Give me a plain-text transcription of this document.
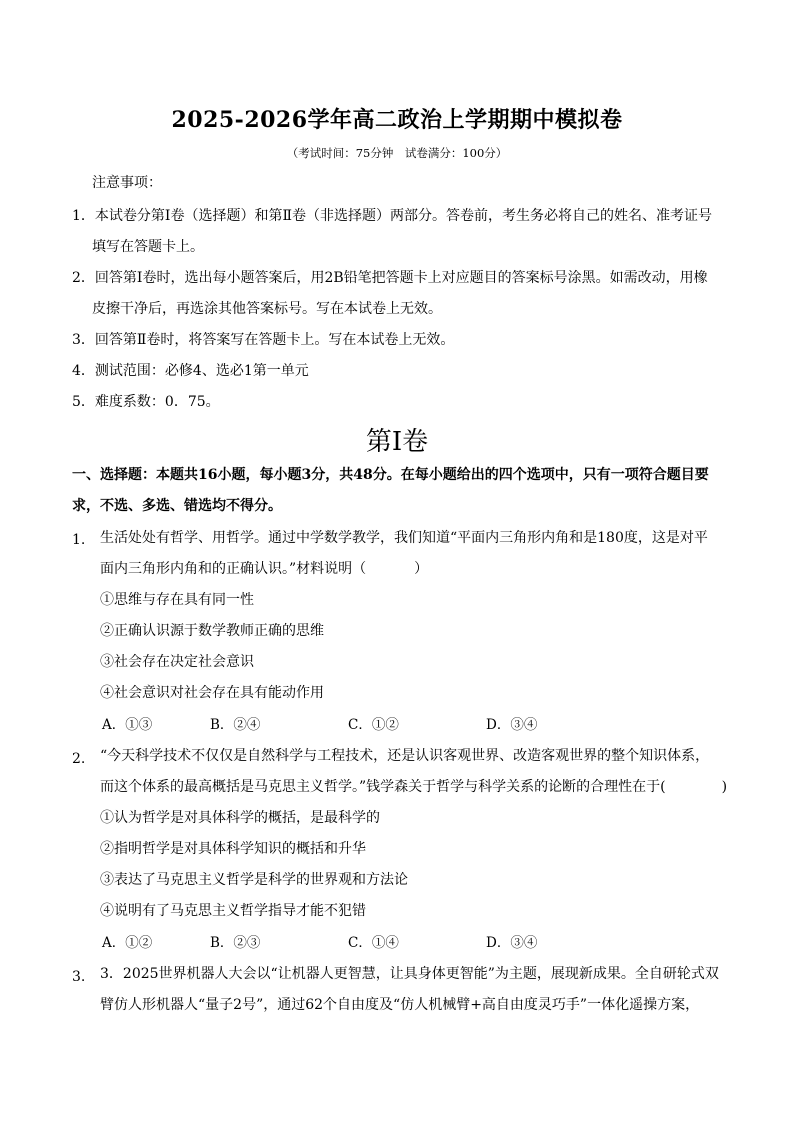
2025-2026学年高二政治上学期期中模拟卷
（考试时间：75分钟　试卷满分：100分）
注意事项：
1．本试卷分第Ⅰ卷（选择题）和第Ⅱ卷（非选择题）两部分。答卷前，考生务必将自己的姓名、准考证号
填写在答题卡上。
2．回答第Ⅰ卷时，选出每小题答案后，用2B铅笔把答题卡上对应题目的答案标号涂黑。如需改动，用橡
皮擦干净后，再选涂其他答案标号。写在本试卷上无效。
3．回答第Ⅱ卷时，将答案写在答题卡上。写在本试卷上无效。
4．测试范围：必修4、选必1第一单元
5．难度系数：0．75。
第Ⅰ卷
一、选择题：本题共16小题，每小题3分，共48分。在每小题给出的四个选项中，只有一项符合题目要
求，不选、多选、错选均不得分。
1. 生活处处有哲学、用哲学。通过中学数学教学，我们知道“平面内三角形内角和是180度，这是对平
面内三角形内角和的正确认识。”材料说明（	）
①思维与存在具有同一性
②正确认识源于数学教师正确的思维
③社会存在决定社会意识
④社会意识对社会存在具有能动作用
A．①③	B．②④	C．①②	D．③④
2. “今天科学技术不仅仅是自然科学与工程技术，还是认识客观世界、改造客观世界的整个知识体系，
而这个体系的最高概括是马克思主义哲学。”钱学森关于哲学与科学关系的论断的合理性在于(	)
①认为哲学是对具体科学的概括，是最科学的
②指明哲学是对具体科学知识的概括和升华
③表达了马克思主义哲学是科学的世界观和方法论
④说明有了马克思主义哲学指导才能不犯错
A．①②	B．②③	C．①④	D．③④
3. 3．2025世界机器人大会以“让机器人更智慧，让具身体更智能”为主题，展现新成果。全自研轮式双
臂仿人形机器人“量子2号”，通过62个自由度及“仿人机械臂+高自由度灵巧手”一体化遥操方案，
